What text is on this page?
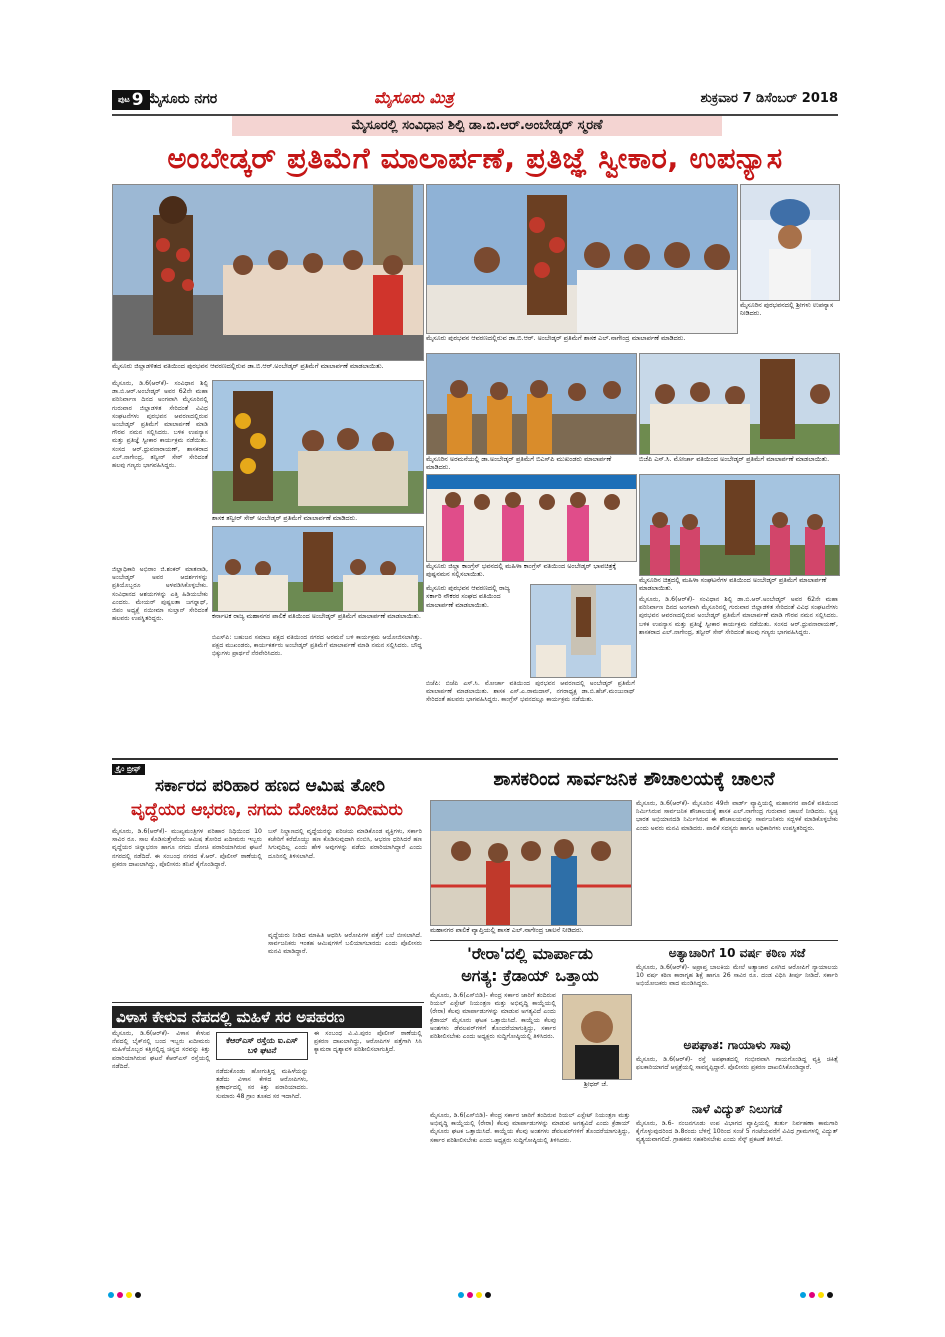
$^{ಪುಟ}$ 9 ಮೈಸೂರು ನಗರ	ಮೈಸೂರು ಮಿತ್ರ	ಶುಕ್ರವಾರ 7 ಡಿಸೆಂಬರ್ 2018
ಮೈಸೂರಲ್ಲಿ ಸಂವಿಧಾನ ಶಿಲ್ಪಿ ಡಾ.ಬಿ.ಆರ್.ಅಂಬೇಡ್ಕರ್ ಸ್ಮರಣೆ
ಅಂಬೇಡ್ಕರ್ ಪ್ರತಿಮೆಗೆ ಮಾಲಾರ್ಪಣೆ, ಪ್ರತಿಜ್ಞೆ ಸ್ವೀಕಾರ, ಉಪನ್ಯಾಸ
ಮೈಸೂರು ಜಿಲ್ಲಾಡಳಿತದ ವತಿಯಿಂದ ಪುರಭವನ ಆವರಣದಲ್ಲಿರುವ ಡಾ.ಬಿ.ಆರ್.ಅಂಬೇಡ್ಕರ್ ಪ್ರತಿಮೆಗೆ ಮಾಲಾರ್ಪಣೆ ಮಾಡಲಾಯಿತು.
ಮೈಸೂರು ಪುರಭವನ ಆವರಣದಲ್ಲಿರುವ ಡಾ.ಬಿ.ಆರ್. ಅಂಬೇಡ್ಕರ್ ಪ್ರತಿಮೆಗೆ ಶಾಸಕ ಎಲ್.ನಾಗೇಂದ್ರ ಮಾಲಾರ್ಪಣೆ ಮಾಡಿದರು.
ಮೈಸೂರಿನ ಪುರಭವನದಲ್ಲಿ ಶ್ರೀಗಳು ಉಪನ್ಯಾಸ ನೀಡಿದರು.
ಮೈಸೂರು, ಡಿ.6(ಆರ್‌ಕೆ)- ಸಂವಿಧಾನ ಶಿಲ್ಪಿ ಡಾ.ಬಿ.ಆರ್.ಅಂಬೇಡ್ಕರ್ ಅವರ 62ನೇ ಮಹಾ ಪರಿನಿರ್ವಾಣ ದಿನದ ಅಂಗವಾಗಿ ಮೈಸೂರಿನಲ್ಲಿ ಗುರುವಾರ ಜಿಲ್ಲಾಡಳಿತ ಸೇರಿದಂತೆ ವಿವಿಧ ಸಂಘಟನೆಗಳು ಪುರಭವನ ಆವರಣದಲ್ಲಿರುವ ಅಂಬೇಡ್ಕರ್ ಪ್ರತಿಮೆಗೆ ಮಾಲಾರ್ಪಣೆ ಮಾಡಿ ಗೌರವ ನಮನ ಸಲ್ಲಿಸಿದರು. ಬಳಿಕ ಉಪನ್ಯಾಸ ಮತ್ತು ಪ್ರತಿಜ್ಞೆ ಸ್ವೀಕಾರ ಕಾರ್ಯಕ್ರಮ ನಡೆಯಿತು. ಸಂಸದ ಆರ್.ಧ್ರುವನಾರಾಯಣ್, ಶಾಸಕರಾದ ಎಲ್.ನಾಗೇಂದ್ರ, ತನ್ವೀರ್ ಸೇಠ್ ಸೇರಿದಂತೆ ಹಲವು ಗಣ್ಯರು ಭಾಗವಹಿಸಿದ್ದರು.
ಶಾಸಕ ತನ್ವೀರ್ ಸೇಠ್ ಅಂಬೇಡ್ಕರ್ ಪ್ರತಿಮೆಗೆ ಮಾಲಾರ್ಪಣೆ ಮಾಡಿದರು.
ಮೈಸೂರಿನ ಅರಮನೆಯಲ್ಲಿ ಡಾ.ಅಂಬೇಡ್ಕರ್ ಪ್ರತಿಮೆಗೆ ಬಿಎಸ್‌ಪಿ ಮುಖಂಡರು ಮಾಲಾರ್ಪಣೆ ಮಾಡಿದರು.
ಬಿಜೆಪಿ ಎಸ್‌.ಸಿ. ಮೋರ್ಚಾ ವತಿಯಿಂದ ಅಂಬೇಡ್ಕರ್ ಪ್ರತಿಮೆಗೆ ಮಾಲಾರ್ಪಣೆ ಮಾಡಲಾಯಿತು.
ಮೈಸೂರು ಜಿಲ್ಲಾ ಕಾಂಗ್ರೆಸ್ ಭವನದಲ್ಲಿ ಮಹಿಳಾ ಕಾಂಗ್ರೆಸ್ ವತಿಯಿಂದ ಅಂಬೇಡ್ಕರ್ ಭಾವಚಿತ್ರಕ್ಕೆ ಪುಷ್ಪನಮನ ಸಲ್ಲಿಸಲಾಯಿತು.
ಮೈಸೂರಿನ ಚಿತ್ರದಲ್ಲಿ ಮಹಿಳಾ ಸಂಘಟನೆಗಳ ವತಿಯಿಂದ ಅಂಬೇಡ್ಕರ್ ಪ್ರತಿಮೆಗೆ ಮಾಲಾರ್ಪಣೆ ಮಾಡಲಾಯಿತು.
ಕರ್ನಾಟಕ ರಾಜ್ಯ ಮಹಾನಗರ ಪಾಲಿಕೆ ವತಿಯಿಂದ ಅಂಬೇಡ್ಕರ್ ಪ್ರತಿಮೆಗೆ ಮಾಲಾರ್ಪಣೆ ಮಾಡಲಾಯಿತು.
ಮೈಸೂರು ಪುರಭವನ ಆವರಣದಲ್ಲಿ ರಾಜ್ಯ ಸರ್ಕಾರಿ ನೌಕರರ ಸಂಘದ ವತಿಯಿಂದ ಮಾಲಾರ್ಪಣೆ ಮಾಡಲಾಯಿತು.
ಜಿಲ್ಲಾಧಿಕಾರಿ ಅಭಿರಾಂ ಜಿ.ಶಂಕರ್ ಮಾತನಾಡಿ, ಅಂಬೇಡ್ಕರ್ ಅವರ ಆದರ್ಶಗಳನ್ನು ಪ್ರತಿಯೊಬ್ಬರೂ ಅಳವಡಿಸಿಕೊಳ್ಳಬೇಕು. ಸಂವಿಧಾನದ ಆಶಯಗಳನ್ನು ಎತ್ತಿ ಹಿಡಿಯಬೇಕು ಎಂದರು. ಮೇಯರ್ ಪುಷ್ಪಲತಾ ಜಗನ್ನಾಥ್, ಜಿಪಂ ಅಧ್ಯಕ್ಷೆ ನಯೀಮಾ ಸುಲ್ತಾನ್ ಸೇರಿದಂತೆ ಹಲವರು ಉಪಸ್ಥಿತರಿದ್ದರು.
ಬಿಎಸ್‌ಪಿ: ಬಹುಜನ ಸಮಾಜ ಪಕ್ಷದ ವತಿಯಿಂದ ನಗರದ ಅರಮನೆ ಬಳಿ ಕಾರ್ಯಕ್ರಮ ಆಯೋಜಿಸಲಾಗಿತ್ತು. ಪಕ್ಷದ ಮುಖಂಡರು, ಕಾರ್ಯಕರ್ತರು ಅಂಬೇಡ್ಕರ್ ಪ್ರತಿಮೆಗೆ ಮಾಲಾರ್ಪಣೆ ಮಾಡಿ ನಮನ ಸಲ್ಲಿಸಿದರು. ಬೌದ್ಧ ಭಿಕ್ಕುಗಳು ಪ್ರಾರ್ಥನೆ ನೆರವೇರಿಸಿದರು.
ಬಿಜೆಪಿ: ಬಿಜೆಪಿ ಎಸ್‌.ಸಿ. ಮೋರ್ಚಾ ವತಿಯಿಂದ ಪುರಭವನ ಆವರಣದಲ್ಲಿ ಅಂಬೇಡ್ಕರ್ ಪ್ರತಿಮೆಗೆ ಮಾಲಾರ್ಪಣೆ ಮಾಡಲಾಯಿತು. ಶಾಸಕ ಎಸ್.ಎ.ರಾಮದಾಸ್, ನಗರಾಧ್ಯಕ್ಷ ಡಾ.ಬಿ.ಹೆಚ್.ಮಂಜುನಾಥ್ ಸೇರಿದಂತೆ ಹಲವರು ಭಾಗವಹಿಸಿದ್ದರು. ಕಾಂಗ್ರೆಸ್ ಭವನದಲ್ಲೂ ಕಾರ್ಯಕ್ರಮ ನಡೆಯಿತು.
ಮೈಸೂರು, ಡಿ.6(ಆರ್‌ಕೆ)- ಸಂವಿಧಾನ ಶಿಲ್ಪಿ ಡಾ.ಬಿ.ಆರ್.ಅಂಬೇಡ್ಕರ್ ಅವರ 62ನೇ ಮಹಾ ಪರಿನಿರ್ವಾಣ ದಿನದ ಅಂಗವಾಗಿ ಮೈಸೂರಿನಲ್ಲಿ ಗುರುವಾರ ಜಿಲ್ಲಾಡಳಿತ ಸೇರಿದಂತೆ ವಿವಿಧ ಸಂಘಟನೆಗಳು ಪುರಭವನ ಆವರಣದಲ್ಲಿರುವ ಅಂಬೇಡ್ಕರ್ ಪ್ರತಿಮೆಗೆ ಮಾಲಾರ್ಪಣೆ ಮಾಡಿ ಗೌರವ ನಮನ ಸಲ್ಲಿಸಿದರು. ಬಳಿಕ ಉಪನ್ಯಾಸ ಮತ್ತು ಪ್ರತಿಜ್ಞೆ ಸ್ವೀಕಾರ ಕಾರ್ಯಕ್ರಮ ನಡೆಯಿತು. ಸಂಸದ ಆರ್.ಧ್ರುವನಾರಾಯಣ್, ಶಾಸಕರಾದ ಎಲ್.ನಾಗೇಂದ್ರ, ತನ್ವೀರ್ ಸೇಠ್ ಸೇರಿದಂತೆ ಹಲವು ಗಣ್ಯರು ಭಾಗವಹಿಸಿದ್ದರು.
ಕ್ರೈಂ ಬ್ರೀಫ್
ಸರ್ಕಾರದ ಪರಿಹಾರ ಹಣದ ಆಮಿಷ ತೋರಿ
ವೃದ್ಧೆಯರ ಆಭರಣ, ನಗದು ದೋಚಿದ ಖದೀಮರು
ಮೈಸೂರು, ಡಿ.6(ಆರ್‌ಕೆ)- ಮುಖ್ಯಮಂತ್ರಿಗಳ ಪರಿಹಾರ ನಿಧಿಯಿಂದ 10 ಸಾವಿರ ರೂ. ಸಾಲ ಕೊಡಿಸುತ್ತೇವೆಂದು ಆಮಿಷ ತೋರಿದ ಖದೀಮರು ಇಬ್ಬರು ವೃದ್ಧೆಯರ ಚಿನ್ನಾಭರಣ ಹಾಗೂ ನಗದು ದೋಚಿ ಪರಾರಿಯಾಗಿರುವ ಘಟನೆ ನಗರದಲ್ಲಿ ನಡೆದಿದೆ. ಈ ಸಂಬಂಧ ನಗರದ ಕೆ.ಆರ್. ಪೊಲೀಸ್ ಠಾಣೆಯಲ್ಲಿ ಪ್ರಕರಣ ದಾಖಲಾಗಿದ್ದು, ಪೊಲೀಸರು ತನಿಖೆ ಕೈಗೊಂಡಿದ್ದಾರೆ.
ಬಸ್ ನಿಲ್ದಾಣದಲ್ಲಿ ವೃದ್ಧೆಯರನ್ನು ಪರಿಚಯ ಮಾಡಿಕೊಂಡ ವ್ಯಕ್ತಿಗಳು, ಸರ್ಕಾರಿ ಕಚೇರಿಗೆ ಕರೆದೊಯ್ದು ಹಣ ಕೊಡಿಸುವುದಾಗಿ ನಂಬಿಸಿ, ಆಭರಣ ಧರಿಸಿದರೆ ಹಣ ಸಿಗುವುದಿಲ್ಲ ಎಂದು ಹೇಳಿ ಅವುಗಳನ್ನು ಪಡೆದು ಪರಾರಿಯಾಗಿದ್ದಾರೆ ಎಂದು ದೂರಿನಲ್ಲಿ ತಿಳಿಸಲಾಗಿದೆ.
ವೃದ್ಧೆಯರು ನೀಡಿದ ಮಾಹಿತಿ ಆಧರಿಸಿ ಆರೋಪಿಗಳ ಪತ್ತೆಗೆ ಬಲೆ ಬೀಸಲಾಗಿದೆ. ಸಾರ್ವಜನಿಕರು ಇಂತಹ ಆಮಿಷಗಳಿಗೆ ಬಲಿಯಾಗಬಾರದು ಎಂದು ಪೊಲೀಸರು ಮನವಿ ಮಾಡಿದ್ದಾರೆ.
ಶಾಸಕರಿಂದ ಸಾರ್ವಜನಿಕ ಶೌಚಾಲಯಕ್ಕೆ ಚಾಲನೆ
ಮಹಾನಗರ ಪಾಲಿಕೆ ವ್ಯಾಪ್ತಿಯಲ್ಲಿ ಶಾಸಕ ಎಲ್.ನಾಗೇಂದ್ರ ಚಾಲನೆ ನೀಡಿದರು.
ಮೈಸೂರು, ಡಿ.6(ಆರ್‌ಕೆ)- ಮೈಸೂರಿನ 49ನೇ ವಾರ್ಡ್ ವ್ಯಾಪ್ತಿಯಲ್ಲಿ ಮಹಾನಗರ ಪಾಲಿಕೆ ವತಿಯಿಂದ ನಿರ್ಮಿಸಿರುವ ಸಾರ್ವಜನಿಕ ಶೌಚಾಲಯಕ್ಕೆ ಶಾಸಕ ಎಲ್.ನಾಗೇಂದ್ರ ಗುರುವಾರ ಚಾಲನೆ ನೀಡಿದರು. ಸ್ವಚ್ಛ ಭಾರತ ಅಭಿಯಾನದಡಿ ನಿರ್ಮಿಸಿರುವ ಈ ಶೌಚಾಲಯವನ್ನು ಸಾರ್ವಜನಿಕರು ಸದ್ಬಳಕೆ ಮಾಡಿಕೊಳ್ಳಬೇಕು ಎಂದು ಅವರು ಮನವಿ ಮಾಡಿದರು. ಪಾಲಿಕೆ ಸದಸ್ಯರು ಹಾಗೂ ಅಧಿಕಾರಿಗಳು ಉಪಸ್ಥಿತರಿದ್ದರು.
'ರೇರಾ'ದಲ್ಲಿ ಮಾರ್ಪಾಡು
ಅಗತ್ಯ: ಕ್ರೆಡಾಯ್ ಒತ್ತಾಯ
ಮೈಸೂರು, ಡಿ.6(ಎಸ್‌ಬಿಡಿ)- ಕೇಂದ್ರ ಸರ್ಕಾರ ಜಾರಿಗೆ ತಂದಿರುವ ರಿಯಲ್ ಎಸ್ಟೇಟ್ ನಿಯಂತ್ರಣ ಮತ್ತು ಅಭಿವೃದ್ಧಿ ಕಾಯ್ದೆಯಲ್ಲಿ (ರೇರಾ) ಕೆಲವು ಮಾರ್ಪಾಡುಗಳನ್ನು ಮಾಡುವ ಅಗತ್ಯವಿದೆ ಎಂದು ಕ್ರೆಡಾಯ್ ಮೈಸೂರು ಘಟಕ ಒತ್ತಾಯಿಸಿದೆ. ಕಾಯ್ದೆಯ ಕೆಲವು ಅಂಶಗಳು ಡೆವಲಪರ್‌ಗಳಿಗೆ ತೊಂದರೆಯಾಗುತ್ತಿದ್ದು, ಸರ್ಕಾರ ಪರಿಶೀಲಿಸಬೇಕು ಎಂದು ಅಧ್ಯಕ್ಷರು ಸುದ್ದಿಗೋಷ್ಠಿಯಲ್ಲಿ ತಿಳಿಸಿದರು.
ಶ್ರೀಧರ್ ಜೆ.
ಮೈಸೂರು, ಡಿ.6(ಎಸ್‌ಬಿಡಿ)- ಕೇಂದ್ರ ಸರ್ಕಾರ ಜಾರಿಗೆ ತಂದಿರುವ ರಿಯಲ್ ಎಸ್ಟೇಟ್ ನಿಯಂತ್ರಣ ಮತ್ತು ಅಭಿವೃದ್ಧಿ ಕಾಯ್ದೆಯಲ್ಲಿ (ರೇರಾ) ಕೆಲವು ಮಾರ್ಪಾಡುಗಳನ್ನು ಮಾಡುವ ಅಗತ್ಯವಿದೆ ಎಂದು ಕ್ರೆಡಾಯ್ ಮೈಸೂರು ಘಟಕ ಒತ್ತಾಯಿಸಿದೆ. ಕಾಯ್ದೆಯ ಕೆಲವು ಅಂಶಗಳು ಡೆವಲಪರ್‌ಗಳಿಗೆ ತೊಂದರೆಯಾಗುತ್ತಿದ್ದು, ಸರ್ಕಾರ ಪರಿಶೀಲಿಸಬೇಕು ಎಂದು ಅಧ್ಯಕ್ಷರು ಸುದ್ದಿಗೋಷ್ಠಿಯಲ್ಲಿ ತಿಳಿಸಿದರು.
ಅತ್ಯಾಚಾರಿಗೆ 10 ವರ್ಷ ಕಠಿಣ ಸಜೆ
ಮೈಸೂರು, ಡಿ.6(ಆರ್‌ಕೆ)- ಅಪ್ರಾಪ್ತ ಬಾಲಕಿಯ ಮೇಲೆ ಅತ್ಯಾಚಾರ ಎಸಗಿದ ಆರೋಪಿಗೆ ನ್ಯಾಯಾಲಯ 10 ವರ್ಷ ಕಠಿಣ ಕಾರಾಗೃಹ ಶಿಕ್ಷೆ ಹಾಗೂ 26 ಸಾವಿರ ರೂ. ದಂಡ ವಿಧಿಸಿ ತೀರ್ಪು ನೀಡಿದೆ. ಸರ್ಕಾರಿ ಅಭಿಯೋಜಕರು ವಾದ ಮಂಡಿಸಿದ್ದರು.
ಅಪಘಾತ: ಗಾಯಾಳು ಸಾವು
ಮೈಸೂರು, ಡಿ.6(ಆರ್‌ಕೆ)- ರಸ್ತೆ ಅಪಘಾತದಲ್ಲಿ ಗಂಭೀರವಾಗಿ ಗಾಯಗೊಂಡಿದ್ದ ವ್ಯಕ್ತಿ ಚಿಕಿತ್ಸೆ ಫಲಕಾರಿಯಾಗದೆ ಆಸ್ಪತ್ರೆಯಲ್ಲಿ ಸಾವನ್ನಪ್ಪಿದ್ದಾರೆ. ಪೊಲೀಸರು ಪ್ರಕರಣ ದಾಖಲಿಸಿಕೊಂಡಿದ್ದಾರೆ.
ನಾಳೆ ವಿದ್ಯುತ್ ನಿಲುಗಡೆ
ಮೈಸೂರು, ಡಿ.6- ನಂಜನಗೂಡು ಉಪ ವಿಭಾಗದ ವ್ಯಾಪ್ತಿಯಲ್ಲಿ ತುರ್ತು ನಿರ್ವಹಣಾ ಕಾಮಗಾರಿ ಕೈಗೊಳ್ಳುವುದರಿಂದ ಡಿ.8ರಂದು ಬೆಳಿಗ್ಗೆ 10ರಿಂದ ಸಂಜೆ 5 ಗಂಟೆಯವರೆಗೆ ವಿವಿಧ ಗ್ರಾಮಗಳಲ್ಲಿ ವಿದ್ಯುತ್ ವ್ಯತ್ಯಯವಾಗಲಿದೆ. ಗ್ರಾಹಕರು ಸಹಕರಿಸಬೇಕು ಎಂದು ಸೆಸ್ಕ್ ಪ್ರಕಟಣೆ ತಿಳಿಸಿದೆ.
ವಿಳಾಸ ಕೇಳುವ ನೆಪದಲ್ಲಿ ಮಹಿಳೆ ಸರ ಅಪಹರಣ
ಮೈಸೂರು, ಡಿ.6(ಆರ್‌ಕೆ)- ವಿಳಾಸ ಕೇಳುವ ನೆಪದಲ್ಲಿ ಬೈಕ್‌ನಲ್ಲಿ ಬಂದ ಇಬ್ಬರು ಖದೀಮರು ಮಹಿಳೆಯೊಬ್ಬರ ಕತ್ತಿನಲ್ಲಿದ್ದ ಚಿನ್ನದ ಸರವನ್ನು ಕಿತ್ತು ಪರಾರಿಯಾಗಿರುವ ಘಟನೆ ಕೆಆರ್‌ಎಸ್ ರಸ್ತೆಯಲ್ಲಿ ನಡೆದಿದೆ.
ಕೆಆರ್‌ಎಸ್ ರಸ್ತೆಯ ಐ.ಎಸ್ ಬಳಿ ಘಟನೆ
ನಡೆದುಕೊಂಡು ಹೋಗುತ್ತಿದ್ದ ಮಹಿಳೆಯನ್ನು ತಡೆದು ವಿಳಾಸ ಕೇಳಿದ ಆರೋಪಿಗಳು, ಕ್ಷಣಾರ್ಧದಲ್ಲಿ ಸರ ಕಿತ್ತು ಪರಾರಿಯಾದರು. ಸುಮಾರು 48 ಗ್ರಾಂ ತೂಕದ ಸರ ಇದಾಗಿದೆ.
ಈ ಸಂಬಂಧ ವಿ.ವಿ.ಪುರಂ ಪೊಲೀಸ್ ಠಾಣೆಯಲ್ಲಿ ಪ್ರಕರಣ ದಾಖಲಾಗಿದ್ದು, ಆರೋಪಿಗಳ ಪತ್ತೆಗಾಗಿ ಸಿಸಿ ಕ್ಯಾಮರಾ ದೃಶ್ಯಾವಳಿ ಪರಿಶೀಲಿಸಲಾಗುತ್ತಿದೆ.
